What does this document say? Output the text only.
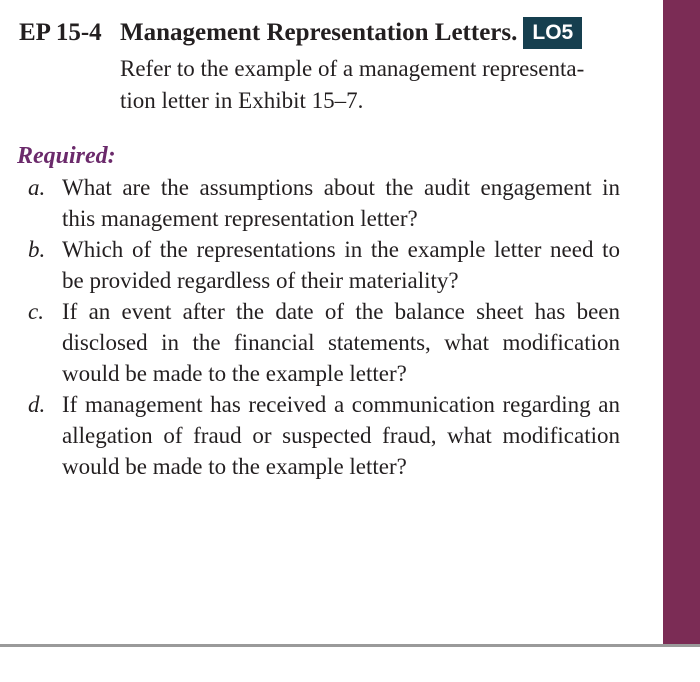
EP 15-4 Management Representation Letters. LO5
Refer to the example of a management representa-tion letter in Exhibit 15–7.
Required:
a. What are the assumptions about the audit engagement in this management representation letter?
b. Which of the representations in the example letter need to be provided regardless of their materiality?
c. If an event after the date of the balance sheet has been disclosed in the financial statements, what modification would be made to the example letter?
d. If management has received a communication regarding an allegation of fraud or suspected fraud, what modification would be made to the example letter?
